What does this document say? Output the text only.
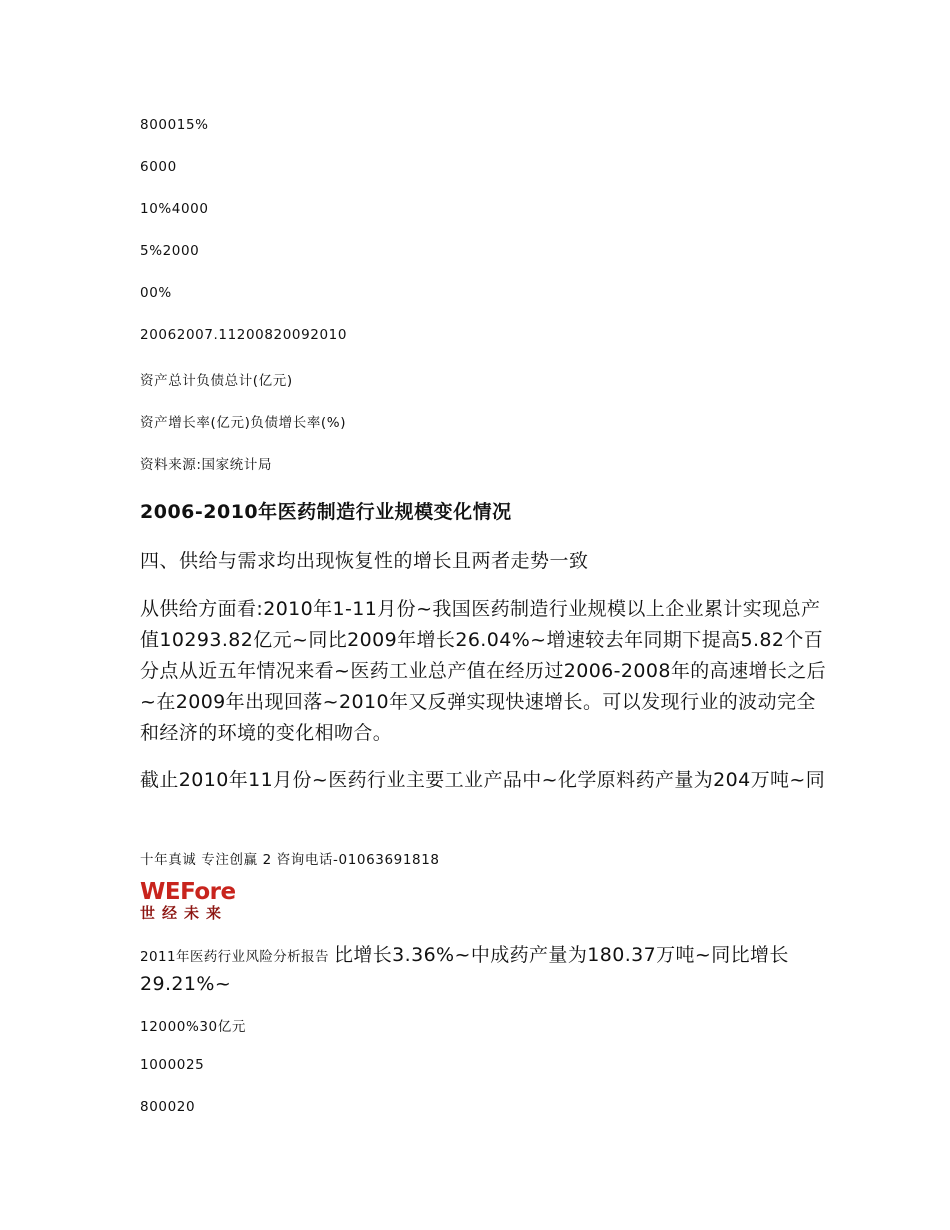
800015%
6000
10%4000
5%2000
00%
20062007.11200820092010
资产总计负债总计(亿元)
资产增长率(亿元)负债增长率(%)
资料来源:国家统计局
2006-2010年医药制造行业规模变化情况
四、供给与需求均出现恢复性的增长且两者走势一致
从供给方面看:2010年1-11月份~我国医药制造行业规模以上企业累计实现总产值10293.82亿元~同比2009年增长26.04%~增速较去年同期下提高5.82个百分点从近五年情况来看~医药工业总产值在经历过2006-2008年的高速增长之后~在2009年出现回落~2010年又反弹实现快速增长。可以发现行业的波动完全和经济的环境的变化相吻合。
截止2010年11月份~医药行业主要工业产品中~化学原料药产量为204万吨~同
十年真诚 专注创赢 2 咨询电话-01063691818
WEFore
世经未来
2011年医药行业风险分析报告 比增长3.36%~中成药产量为180.37万吨~同比增长29.21%~
12000%30亿元
1000025
800020
